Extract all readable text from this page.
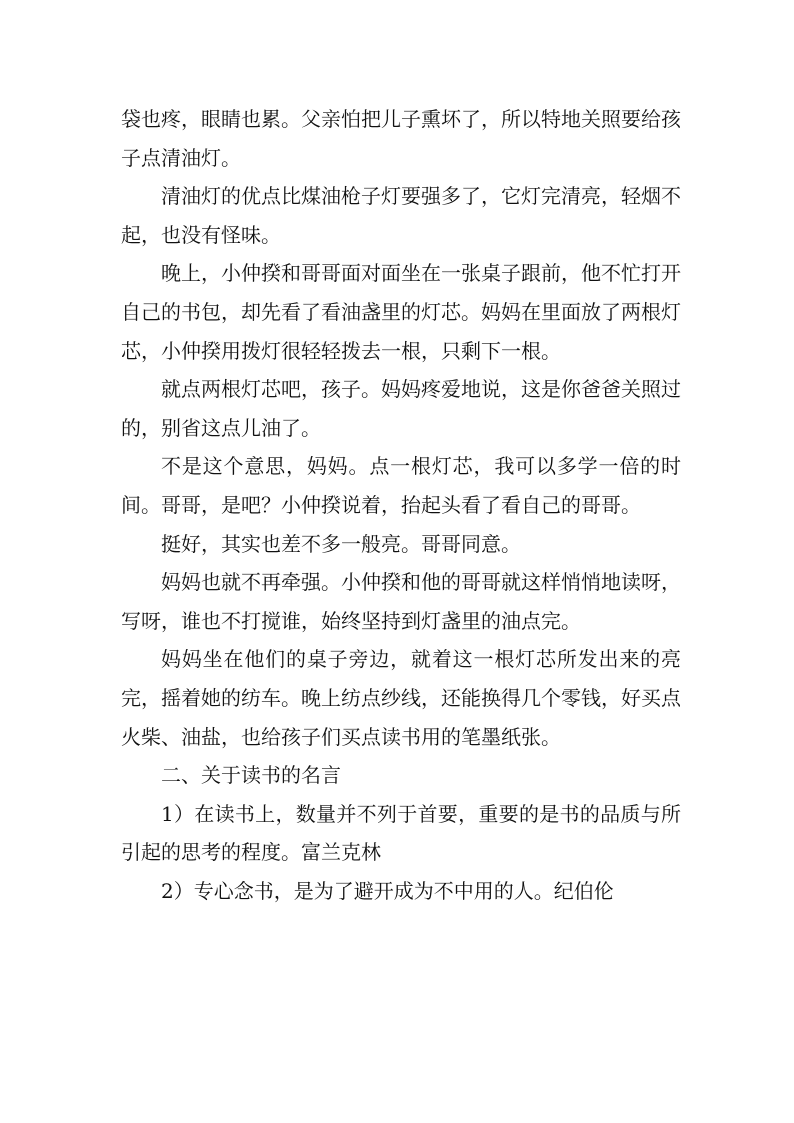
袋也疼，眼睛也累。父亲怕把儿子熏坏了，所以特地关照要给孩子点清油灯。

清油灯的优点比煤油枪子灯要强多了，它灯完清亮，轻烟不起，也没有怪味。

晚上，小仲揆和哥哥面对面坐在一张桌子跟前，他不忙打开自己的书包，却先看了看油盏里的灯芯。妈妈在里面放了两根灯芯，小仲揆用拨灯很轻轻拨去一根，只剩下一根。

就点两根灯芯吧，孩子。妈妈疼爱地说，这是你爸爸关照过的，别省这点儿油了。

不是这个意思，妈妈。点一根灯芯，我可以多学一倍的时间。哥哥，是吧？小仲揆说着，抬起头看了看自己的哥哥。

挺好，其实也差不多一般亮。哥哥同意。

妈妈也就不再牵强。小仲揆和他的哥哥就这样悄悄地读呀，写呀，谁也不打搅谁，始终坚持到灯盏里的油点完。

妈妈坐在他们的桌子旁边，就着这一根灯芯所发出来的亮完，摇着她的纺车。晚上纺点纱线，还能换得几个零钱，好买点火柴、油盐，也给孩子们买点读书用的笔墨纸张。

二、关于读书的名言

1）在读书上，数量并不列于首要，重要的是书的品质与所引起的思考的程度。富兰克林

2）专心念书，是为了避开成为不中用的人。纪伯伦
